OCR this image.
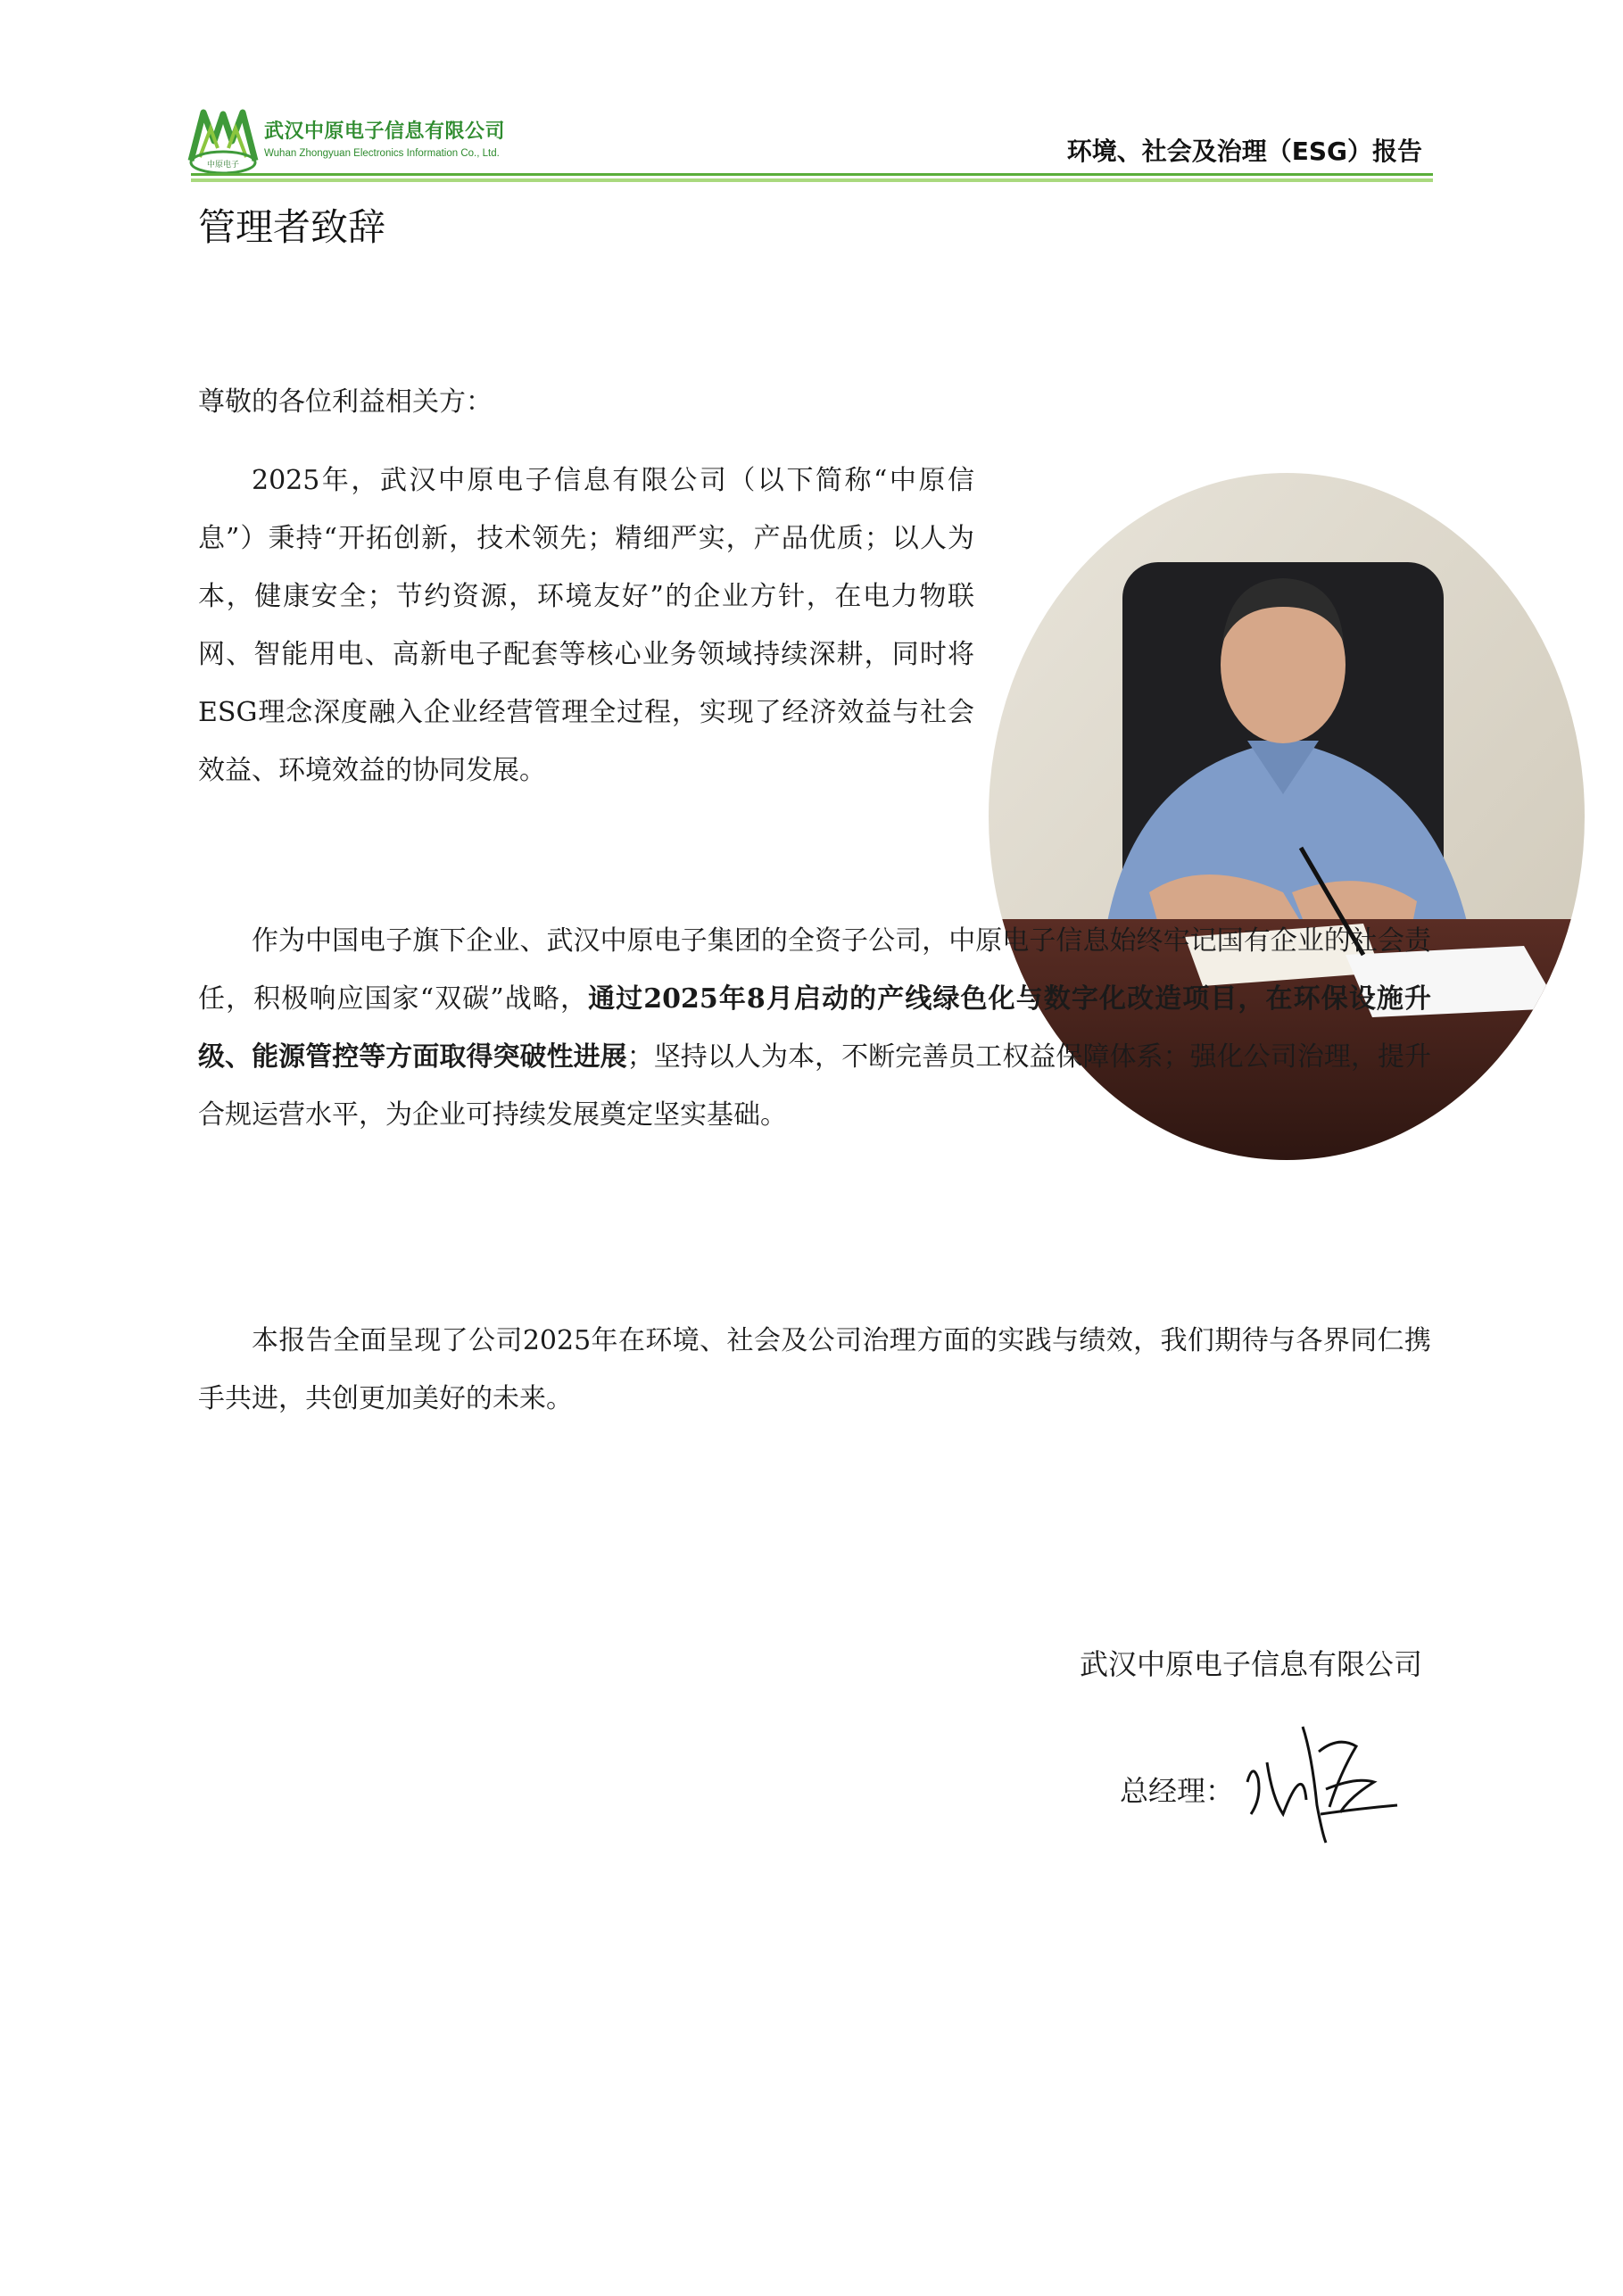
中原电子
武汉中原电子信息有限公司
Wuhan Zhongyuan Electronics Information Co., Ltd.	环境、社会及治理（ESG）报告
管理者致辞

尊敬的各位利益相关方：

2025年，武汉中原电子信息有限公司（以下简称“中原信息”）秉持“开拓创新，技术领先；精细严实，产品优质；以人为本，健康安全；节约资源，环境友好”的企业方针，在电力物联网、智能用电、高新电子配套等核心业务领域持续深耕，同时将ESG理念深度融入企业经营管理全过程，实现了经济效益与社会效益、环境效益的协同发展。

作为中国电子旗下企业、武汉中原电子集团的全资子公司，中原电子信息始终牢记国有企业的社会责任，积极响应国家“双碳”战略，通过2025年8月启动的产线绿色化与数字化改造项目，在环保设施升级、能源管控等方面取得突破性进展；坚持以人为本，不断完善员工权益保障体系；强化公司治理，提升合规运营水平，为企业可持续发展奠定坚实基础。

本报告全面呈现了公司2025年在环境、社会及公司治理方面的实践与绩效，我们期待与各界同仁携手共进，共创更加美好的未来。

武汉中原电子信息有限公司
总经理：
